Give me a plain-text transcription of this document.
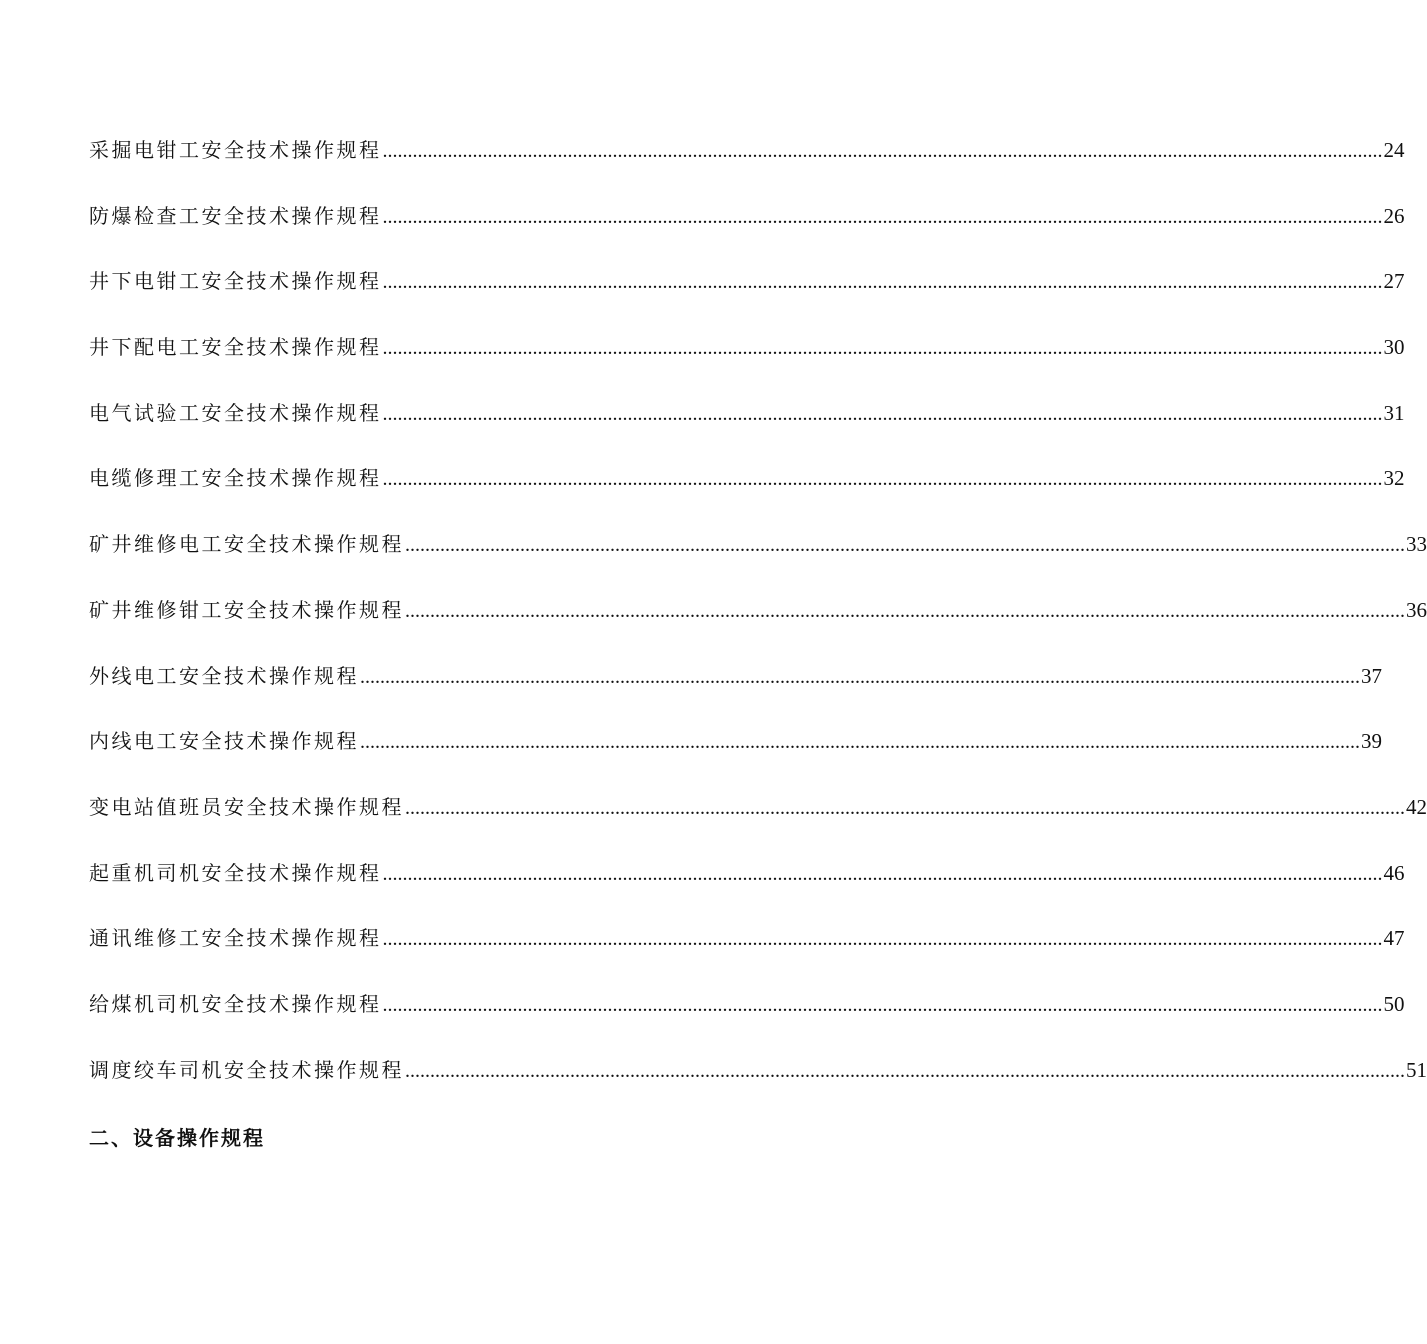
采掘电钳工安全技术操作规程 ........................................................................................................................................................................................................ 24
防爆检查工安全技术操作规程 ........................................................................................................................................................................................................ 26
井下电钳工安全技术操作规程 ........................................................................................................................................................................................................ 27
井下配电工安全技术操作规程 ........................................................................................................................................................................................................ 30
电气试验工安全技术操作规程 ........................................................................................................................................................................................................ 31
电缆修理工安全技术操作规程 ........................................................................................................................................................................................................ 32
矿井维修电工安全技术操作规程 ........................................................................................................................................................................................................ 33
矿井维修钳工安全技术操作规程 ........................................................................................................................................................................................................ 36
外线电工安全技术操作规程 ........................................................................................................................................................................................................ 37
内线电工安全技术操作规程 ........................................................................................................................................................................................................ 39
变电站值班员安全技术操作规程 ........................................................................................................................................................................................................ 42
起重机司机安全技术操作规程 ........................................................................................................................................................................................................ 46
通讯维修工安全技术操作规程 ........................................................................................................................................................................................................ 47
给煤机司机安全技术操作规程 ........................................................................................................................................................................................................ 50
调度绞车司机安全技术操作规程 ........................................................................................................................................................................................................ 51
二、设备操作规程
